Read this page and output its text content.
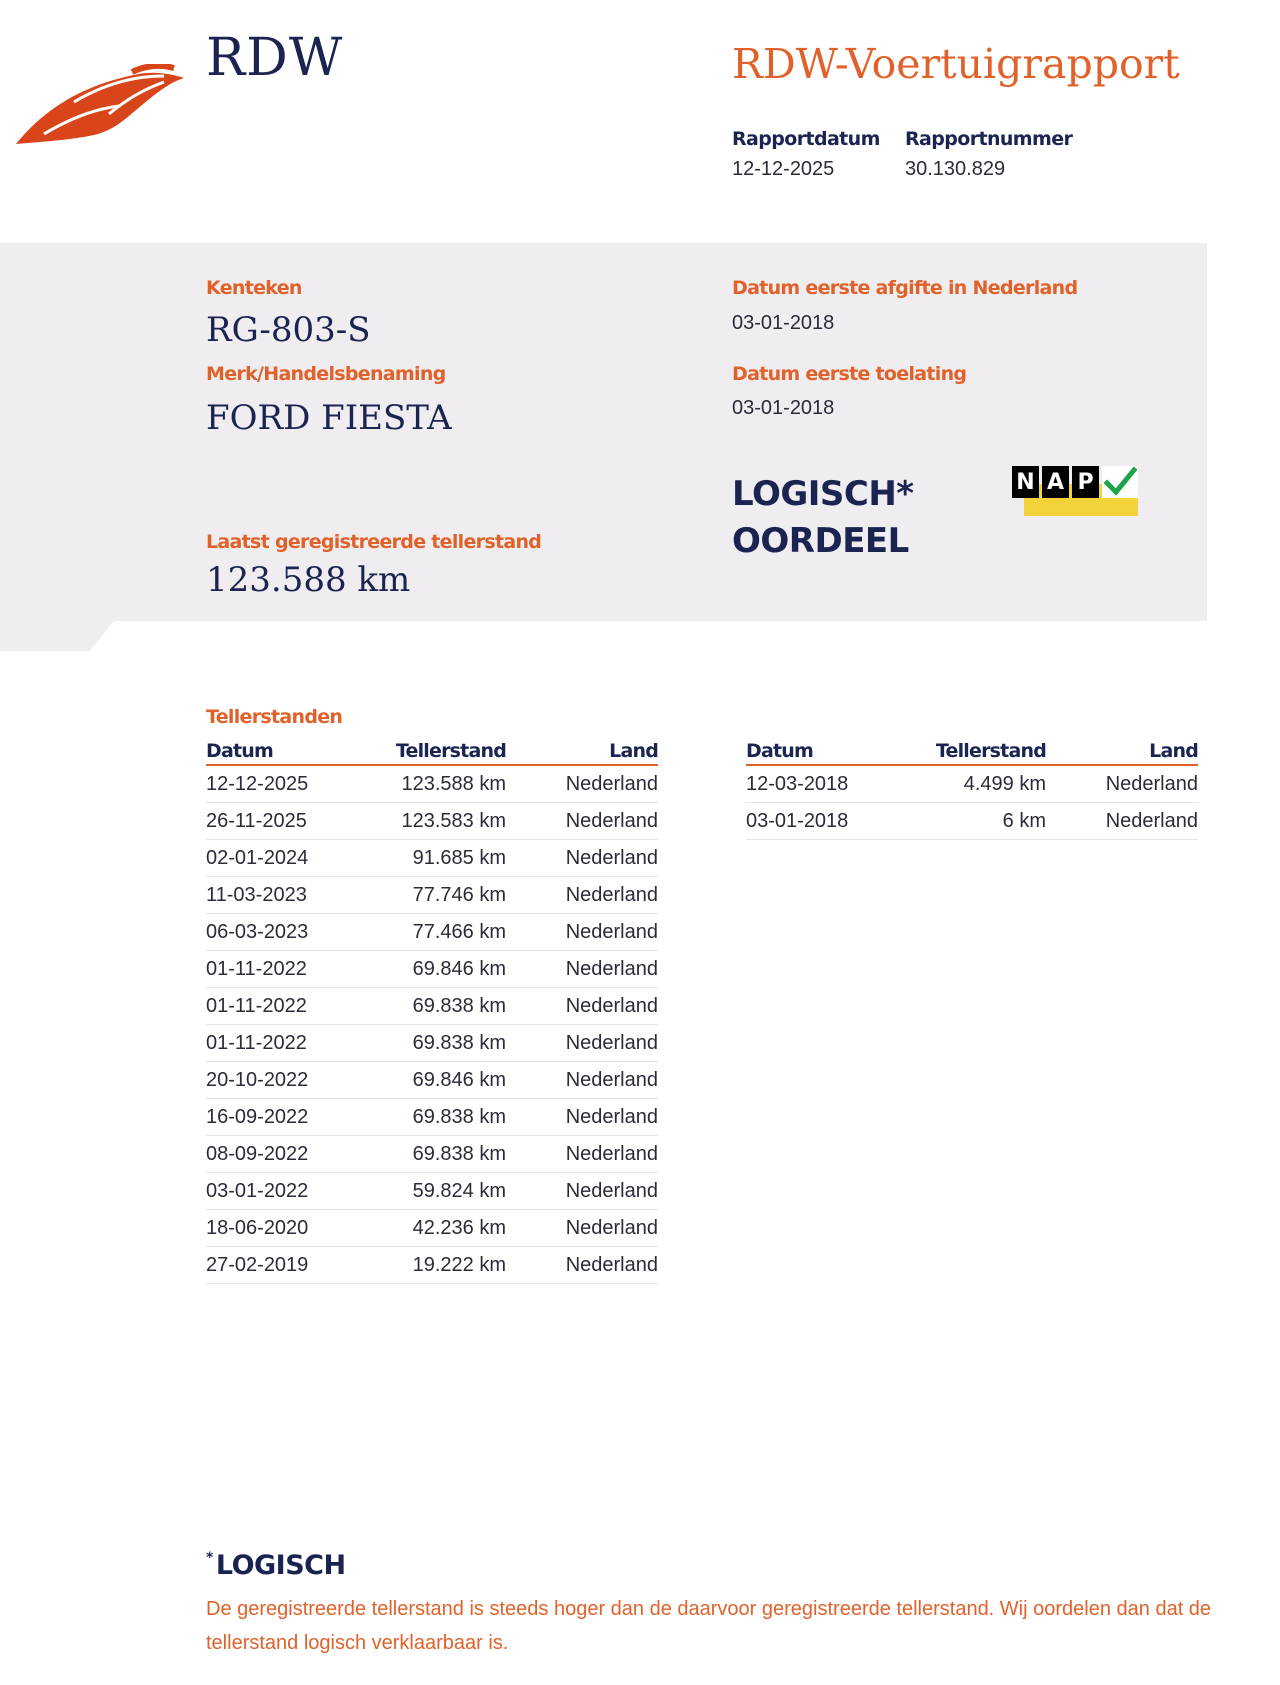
RDW	RDW-Voertuigrapport
Rapportdatum
12-12-2025
Rapportnummer
30.130.829
Kenteken
RG-803-S
Merk/Handelsbenaming
FORD FIESTA
Datum eerste afgifte in Nederland
03-01-2018
Datum eerste toelating
03-01-2018
LOGISCH*
OORDEEL
N A P
Laatst geregistreerde tellerstand
123.588 km
Tellerstanden
Datum	Tellerstand	Land
12-12-2025	123.588 km	Nederland
26-11-2025	123.583 km	Nederland
02-01-2024	91.685 km	Nederland
11-03-2023	77.746 km	Nederland
06-03-2023	77.466 km	Nederland
01-11-2022	69.846 km	Nederland
01-11-2022	69.838 km	Nederland
01-11-2022	69.838 km	Nederland
20-10-2022	69.846 km	Nederland
16-09-2022	69.838 km	Nederland
08-09-2022	69.838 km	Nederland
03-01-2022	59.824 km	Nederland
18-06-2020	42.236 km	Nederland
27-02-2019	19.222 km	Nederland
Datum	Tellerstand	Land
12-03-2018	4.499 km	Nederland
03-01-2018	6 km	Nederland
* LOGISCH
De geregistreerde tellerstand is steeds hoger dan de daarvoor geregistreerde tellerstand. Wij oordelen dan dat de tellerstand logisch verklaarbaar is.
